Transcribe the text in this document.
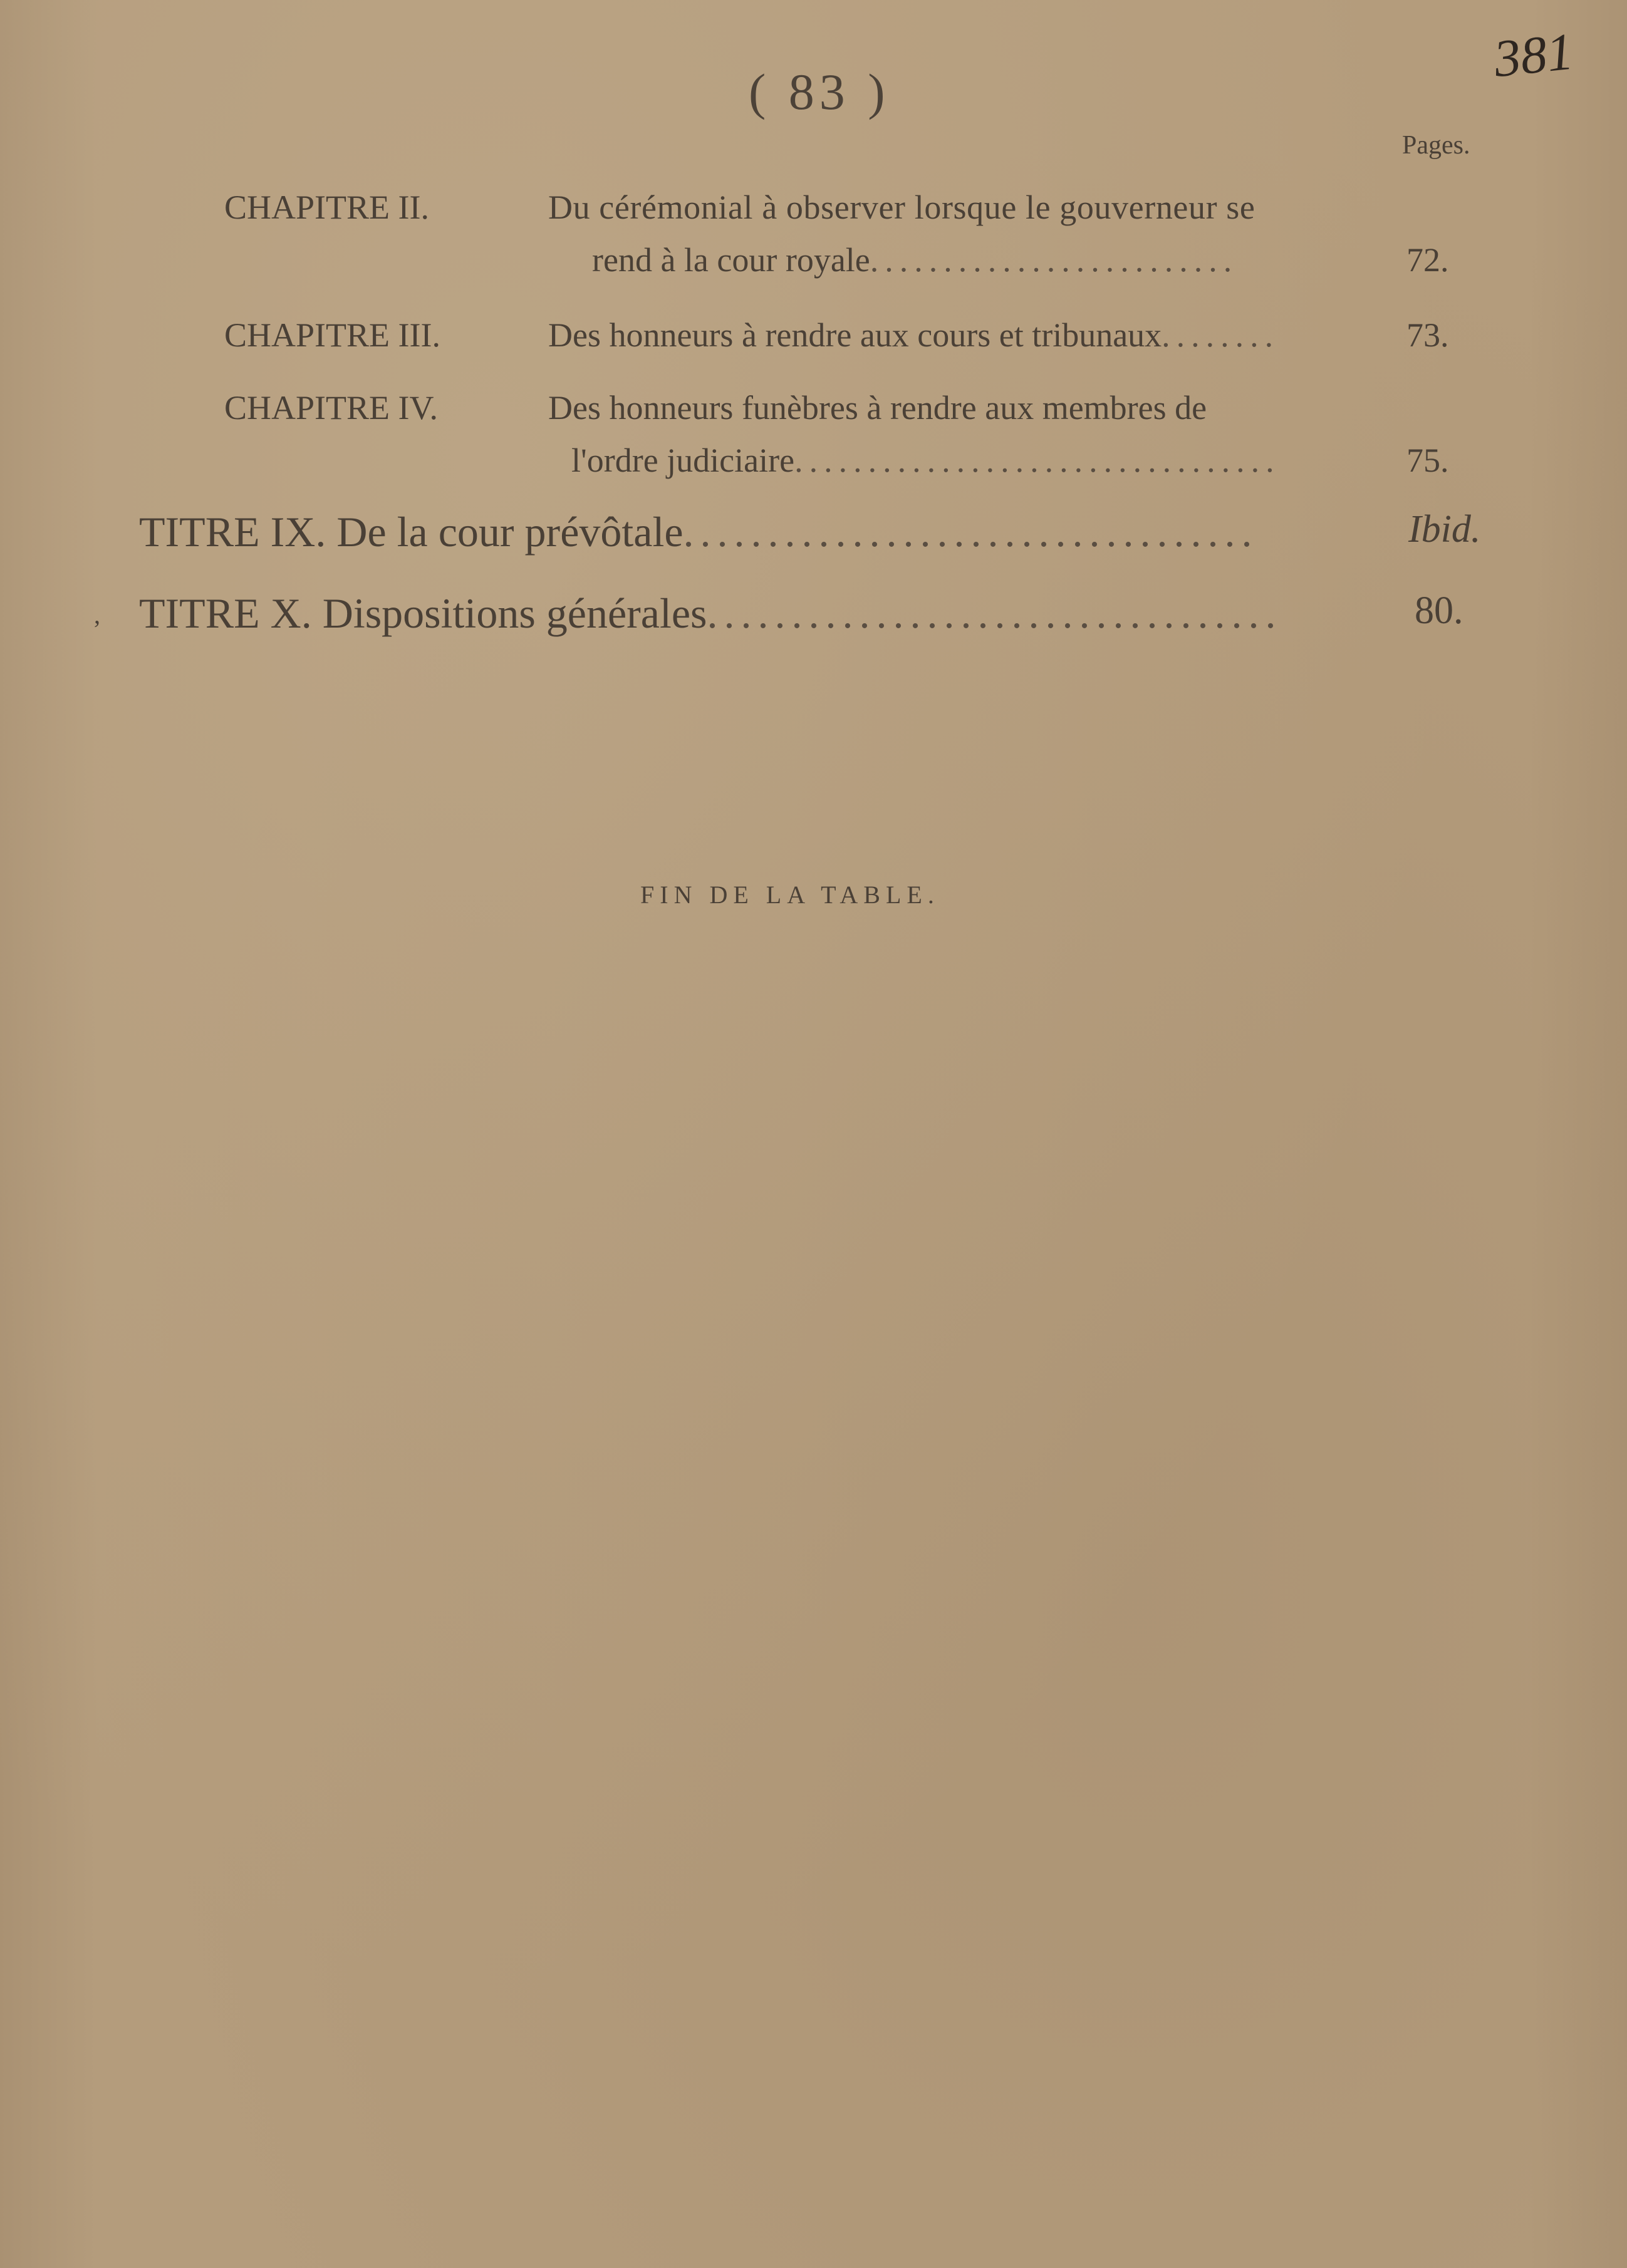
( 83 )
381
Pages.
CHAPITRE II.	Du cérémonial à observer lorsque le gouverneur se
rend à la cour royale.........................	72.
CHAPITRE III.	Des honneurs à rendre aux cours et tribunaux........	73.
CHAPITRE IV.	Des honneurs funèbres à rendre aux membres de
l'ordre judiciaire.................................	75.
TITRE IX. De la cour prévôtale..................................	Ibid.
, TITRE X. Dispositions générales..................................	80.
FIN DE LA TABLE.
